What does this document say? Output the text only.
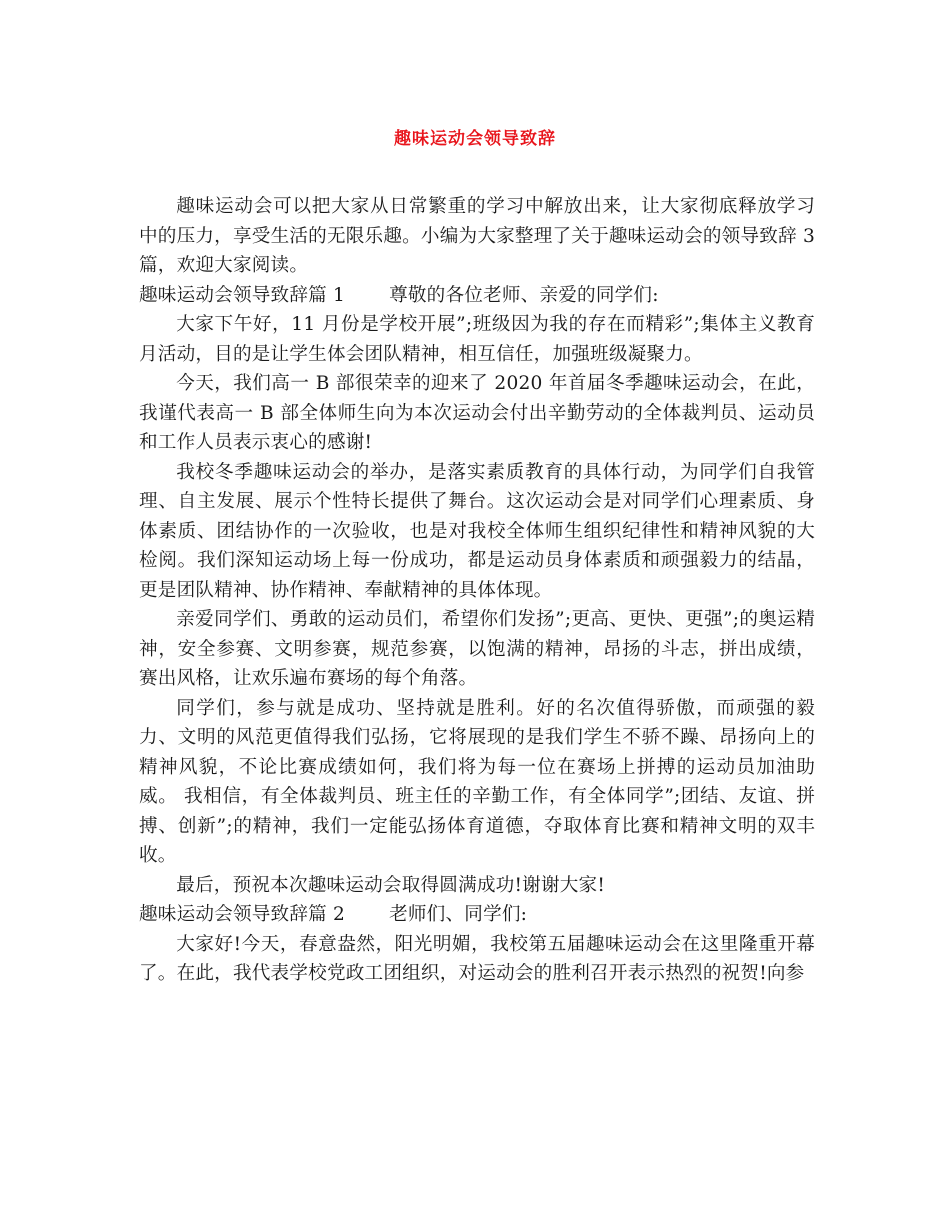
趣味运动会领导致辞

趣味运动会可以把大家从日常繁重的学习中解放出来，让大家彻底释放学习中的压力，享受生活的无限乐趣。小编为大家整理了关于趣味运动会的领导致辞 3 篇，欢迎大家阅读。

趣味运动会领导致辞篇 1 尊敬的各位老师、亲爱的同学们:

大家下午好，11 月份是学校开展”;班级因为我的存在而精彩”;集体主义教育月活动，目的是让学生体会团队精神，相互信任，加强班级凝聚力。

今天，我们高一 B 部很荣幸的迎来了 2020 年首届冬季趣味运动会，在此，我谨代表高一 B 部全体师生向为本次运动会付出辛勤劳动的全体裁判员、运动员和工作人员表示衷心的感谢!

我校冬季趣味运动会的举办，是落实素质教育的具体行动，为同学们自我管理、自主发展、展示个性特长提供了舞台。这次运动会是对同学们心理素质、身体素质、团结协作的一次验收，也是对我校全体师生组织纪律性和精神风貌的大检阅。我们深知运动场上每一份成功，都是运动员身体素质和顽强毅力的结晶，更是团队精神、协作精神、奉献精神的具体体现。

亲爱同学们、勇敢的运动员们，希望你们发扬”;更高、更快、更强”;的奥运精神，安全参赛、文明参赛，规范参赛，以饱满的精神，昂扬的斗志，拼出成绩，赛出风格，让欢乐遍布赛场的每个角落。

同学们，参与就是成功、坚持就是胜利。好的名次值得骄傲，而顽强的毅力、文明的风范更值得我们弘扬，它将展现的是我们学生不骄不躁、昂扬向上的精神风貌，不论比赛成绩如何，我们将为每一位在赛场上拼搏的运动员加油助威。 我相信，有全体裁判员、班主任的辛勤工作，有全体同学”;团结、友谊、拼搏、创新”;的精神，我们一定能弘扬体育道德，夺取体育比赛和精神文明的双丰收。

最后，预祝本次趣味运动会取得圆满成功!谢谢大家!

趣味运动会领导致辞篇 2 老师们、同学们:

大家好!今天，春意盎然，阳光明媚，我校第五届趣味运动会在这里隆重开幕了。在此，我代表学校党政工团组织，对运动会的胜利召开表示热烈的祝贺!向参
